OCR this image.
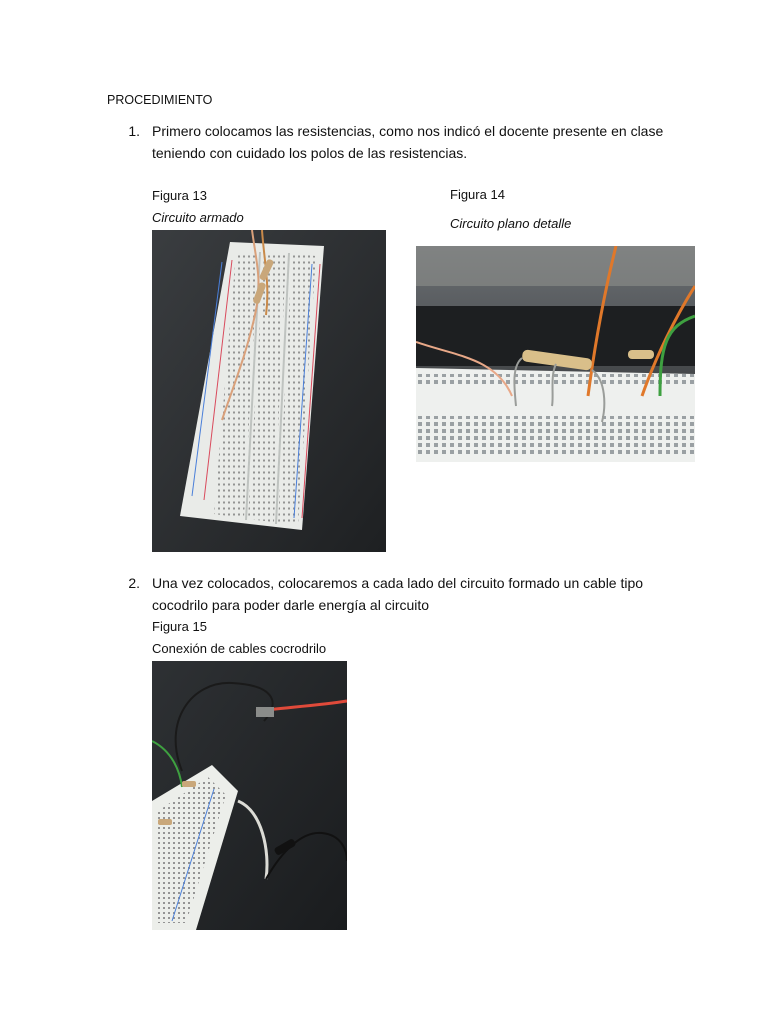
PROCEDIMIENTO
1. Primero colocamos las resistencias, como nos indicó el docente presente en clase
teniendo con cuidado los polos de las resistencias.
Figura 13
Circuito armado
Figura 14
Circuito plano detalle
2. Una vez colocados, colocaremos a cada lado del circuito formado un cable tipo
cocodrilo para poder darle energía al circuito
Figura 15
Conexión de cables cocrodrilo
